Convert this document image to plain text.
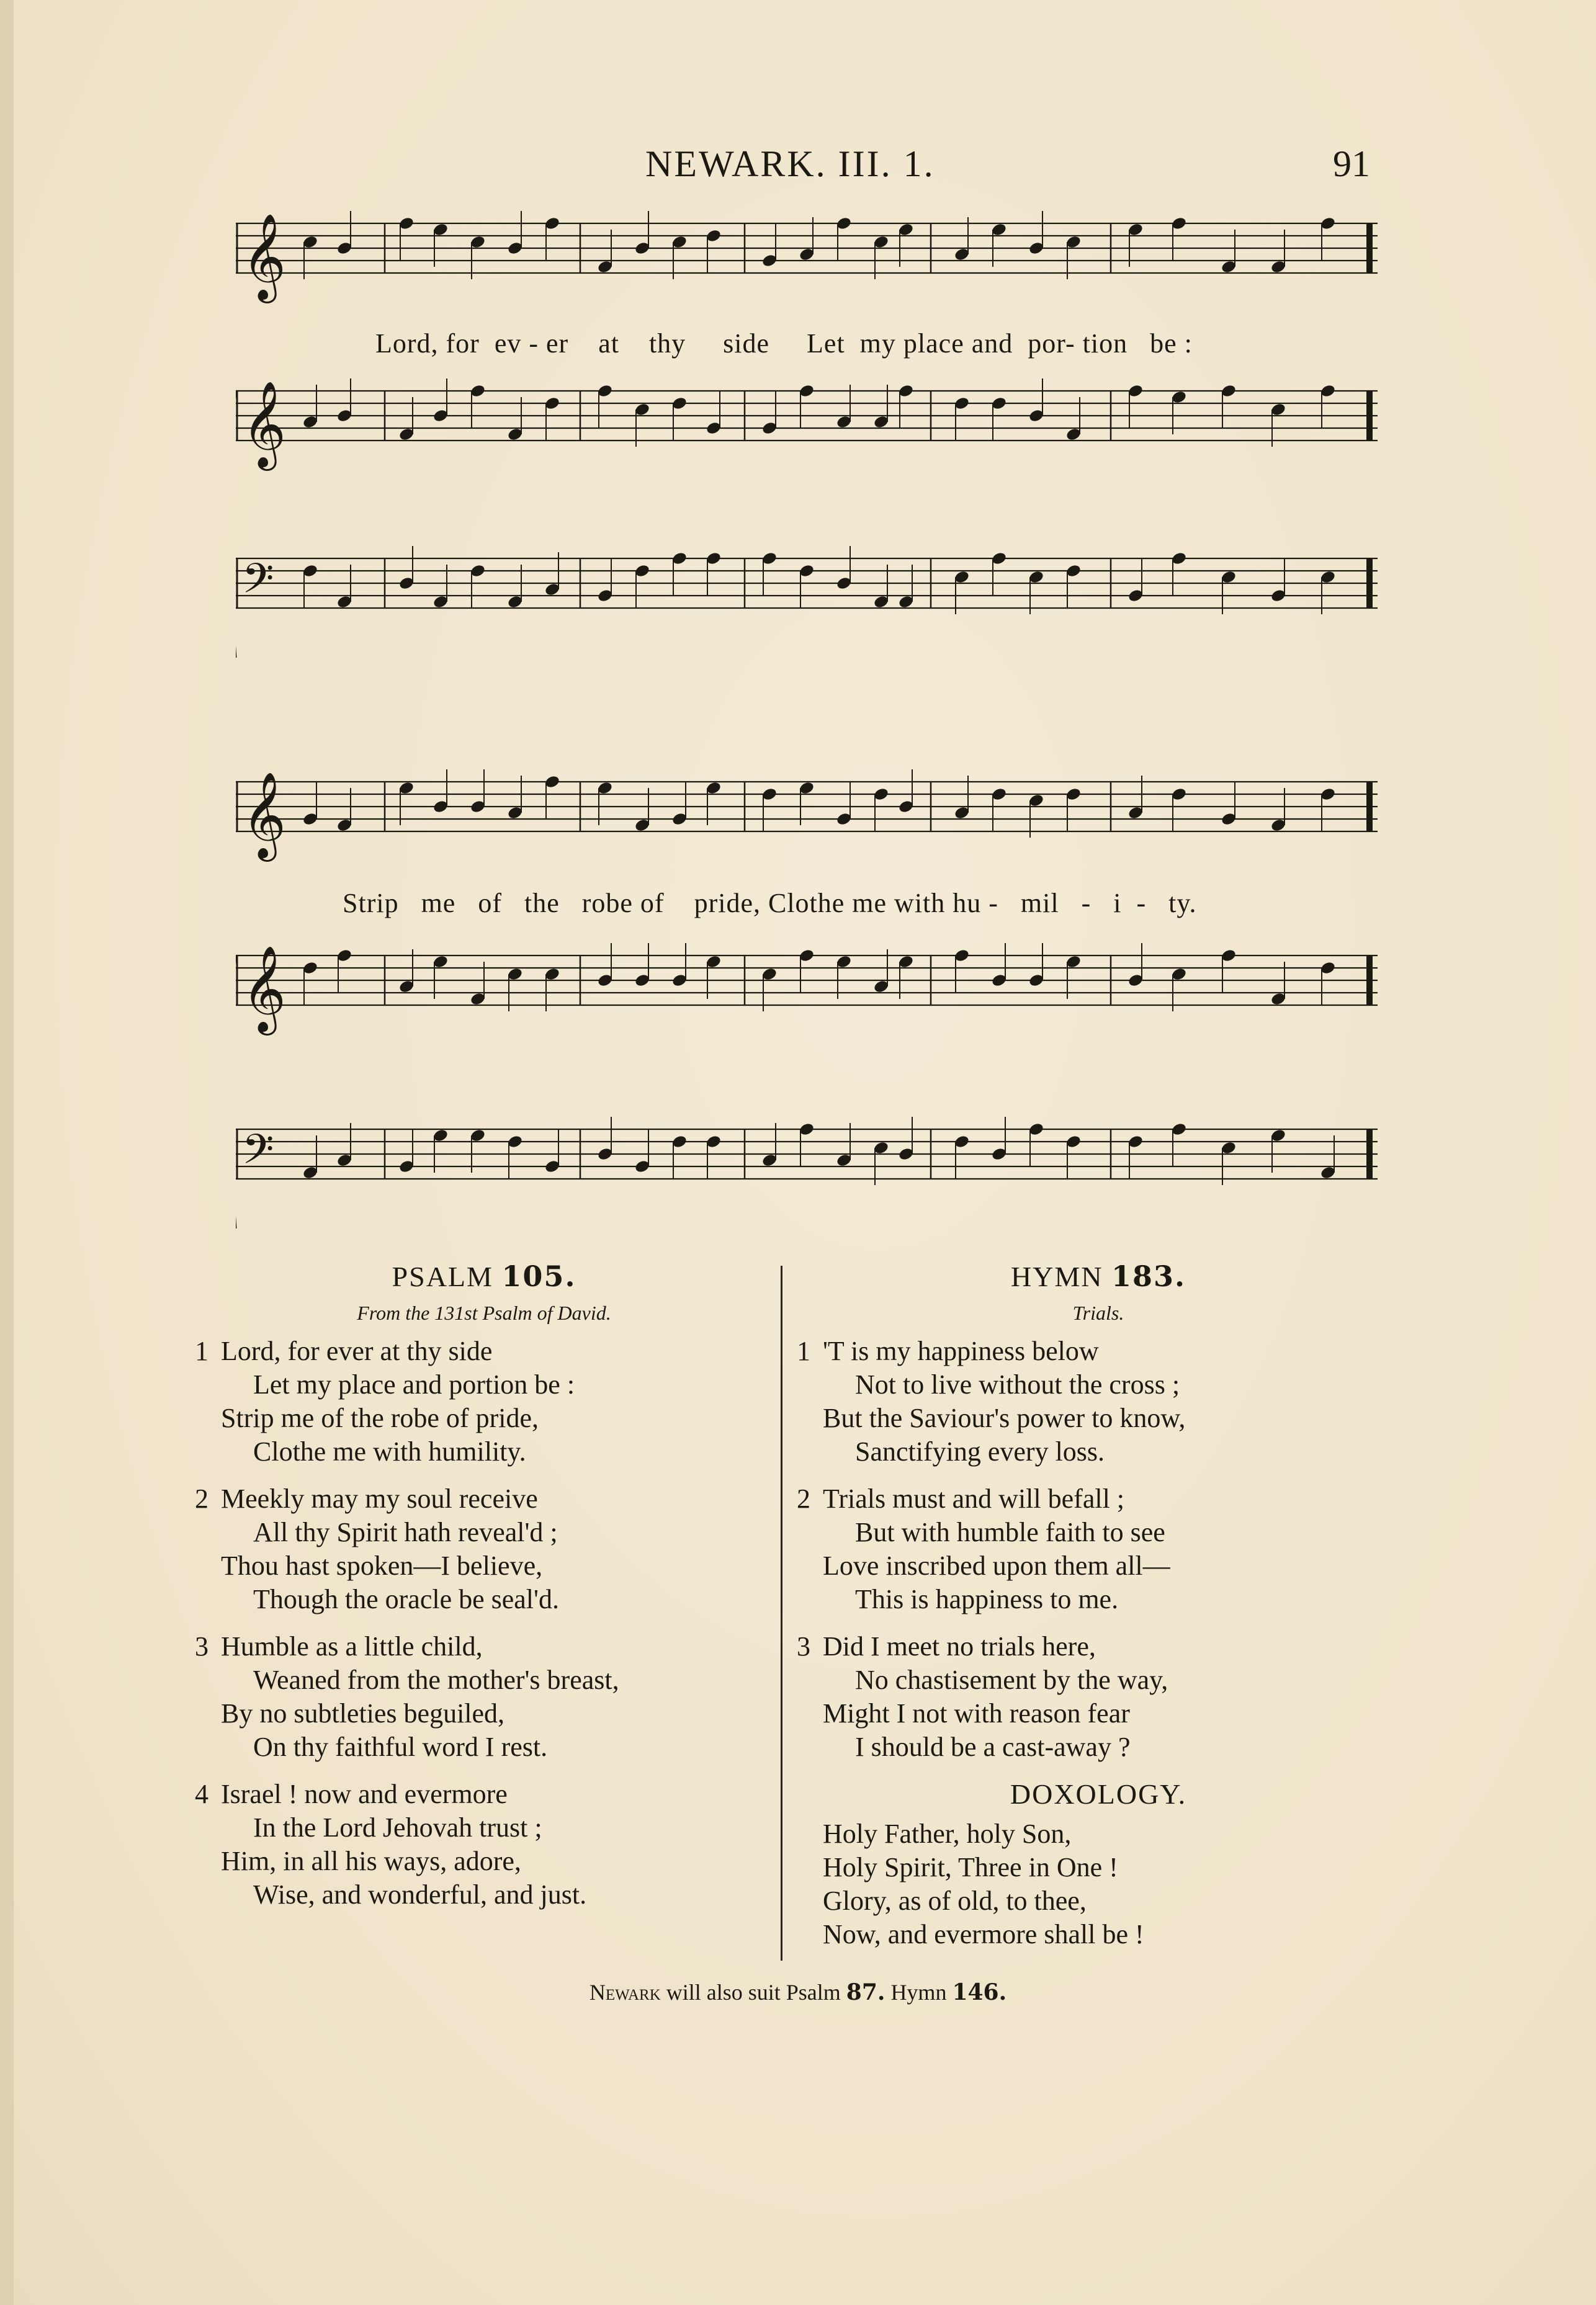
NEWARK. III. 1.	91
𝄞
𝄞
𝄢
Lord, for  ev - er    at    thy     side     Let  my place and  por- tion   be :
𝄞
𝄞
𝄢
Strip   me   of   the   robe of    pride, Clothe me with hu -   mil   -   i  -   ty.
PSALM 105.
From the 131st Psalm of David.
1 Lord, for ever at thy side
Let my place and portion be :
Strip me of the robe of pride,
Clothe me with humility.
2 Meekly may my soul receive
All thy Spirit hath reveal'd ;
Thou hast spoken—I believe,
Though the oracle be seal'd.
3 Humble as a little child,
Weaned from the mother's breast,
By no subtleties beguiled,
On thy faithful word I rest.
4 Israel ! now and evermore
In the Lord Jehovah trust ;
Him, in all his ways, adore,
Wise, and wonderful, and just.
HYMN 183.
Trials.
1 'T is my happiness below
Not to live without the cross ;
But the Saviour's power to know,
Sanctifying every loss.
2 Trials must and will befall ;
But with humble faith to see
Love inscribed upon them all—
This is happiness to me.
3 Did I meet no trials here,
No chastisement by the way,
Might I not with reason fear
I should be a cast-away ?
DOXOLOGY.
Holy Father, holy Son,
Holy Spirit, Three in One !
Glory, as of old, to thee,
Now, and evermore shall be !
Newark will also suit Psalm 87. Hymn 146.
